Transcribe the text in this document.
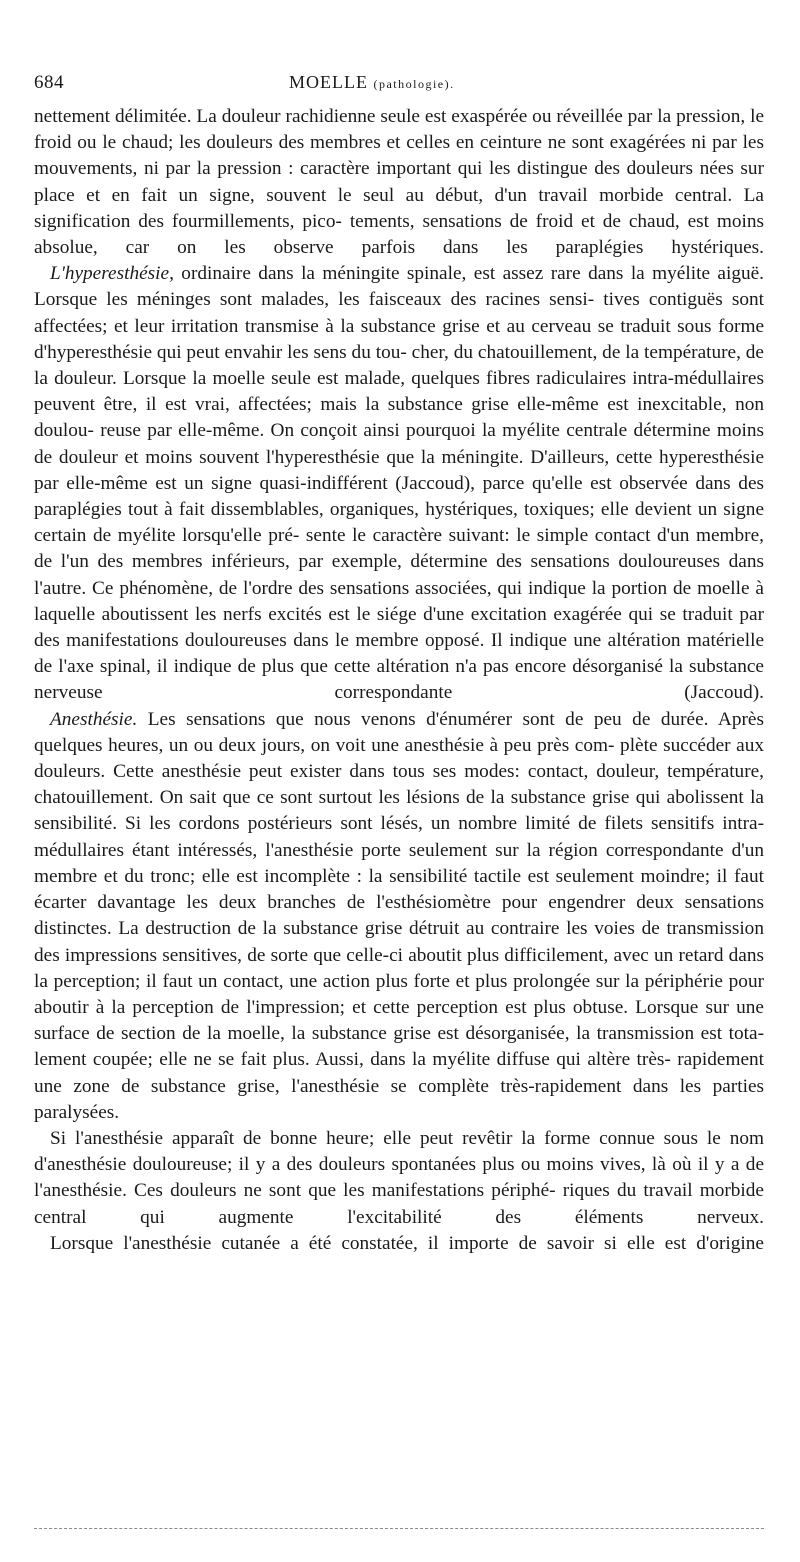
684	MOELLE (pathologie).

nettement délimitée. La douleur rachidienne seule est exaspérée ou réveillée par la pression, le froid ou le chaud; les douleurs des membres et celles en ceinture ne sont exagérées ni par les mouvements, ni par la pression : caractère important qui les distingue des douleurs nées sur place et en fait un signe, souvent le seul au début, d'un travail morbide central. La signification des fourmillements, pico- tements, sensations de froid et de chaud, est moins absolue, car on les observe parfois dans les paraplégies hystériques.

L'hyperesthésie, ordinaire dans la méningite spinale, est assez rare dans la myélite aiguë. Lorsque les méninges sont malades, les faisceaux des racines sensi- tives contiguës sont affectées; et leur irritation transmise à la substance grise et au cerveau se traduit sous forme d'hyperesthésie qui peut envahir les sens du tou- cher, du chatouillement, de la température, de la douleur. Lorsque la moelle seule est malade, quelques fibres radiculaires intra-médullaires peuvent être, il est vrai, affectées; mais la substance grise elle-même est inexcitable, non doulou- reuse par elle-même. On conçoit ainsi pourquoi la myélite centrale détermine moins de douleur et moins souvent l'hyperesthésie que la méningite. D'ailleurs, cette hyperesthésie par elle-même est un signe quasi-indifférent (Jaccoud), parce qu'elle est observée dans des paraplégies tout à fait dissemblables, organiques, hystériques, toxiques; elle devient un signe certain de myélite lorsqu'elle pré- sente le caractère suivant: le simple contact d'un membre, de l'un des membres inférieurs, par exemple, détermine des sensations douloureuses dans l'autre. Ce phénomène, de l'ordre des sensations associées, qui indique la portion de moelle à laquelle aboutissent les nerfs excités est le siége d'une excitation exagérée qui se traduit par des manifestations douloureuses dans le membre opposé. Il indique une altération matérielle de l'axe spinal, il indique de plus que cette altération n'a pas encore désorganisé la substance nerveuse correspondante (Jaccoud).

Anesthésie. Les sensations que nous venons d'énumérer sont de peu de durée. Après quelques heures, un ou deux jours, on voit une anesthésie à peu près com- plète succéder aux douleurs. Cette anesthésie peut exister dans tous ses modes: contact, douleur, température, chatouillement. On sait que ce sont surtout les lésions de la substance grise qui abolissent la sensibilité. Si les cordons postérieurs sont lésés, un nombre limité de filets sensitifs intra-médullaires étant intéressés, l'anesthésie porte seulement sur la région correspondante d'un membre et du tronc; elle est incomplète : la sensibilité tactile est seulement moindre; il faut écarter davantage les deux branches de l'esthésiomètre pour engendrer deux sensations distinctes. La destruction de la substance grise détruit au contraire les voies de transmission des impressions sensitives, de sorte que celle-ci aboutit plus difficilement, avec un retard dans la perception; il faut un contact, une action plus forte et plus prolongée sur la périphérie pour aboutir à la perception de l'impression; et cette perception est plus obtuse. Lorsque sur une surface de section de la moelle, la substance grise est désorganisée, la transmission est tota- lement coupée; elle ne se fait plus. Aussi, dans la myélite diffuse qui altère très- rapidement une zone de substance grise, l'anesthésie se complète très-rapidement dans les parties paralysées.

Si l'anesthésie apparaît de bonne heure; elle peut revêtir la forme connue sous le nom d'anesthésie douloureuse; il y a des douleurs spontanées plus ou moins vives, là où il y a de l'anesthésie. Ces douleurs ne sont que les manifestations périphé- riques du travail morbide central qui augmente l'excitabilité des éléments nerveux.

Lorsque l'anesthésie cutanée a été constatée, il importe de savoir si elle est d'origine
